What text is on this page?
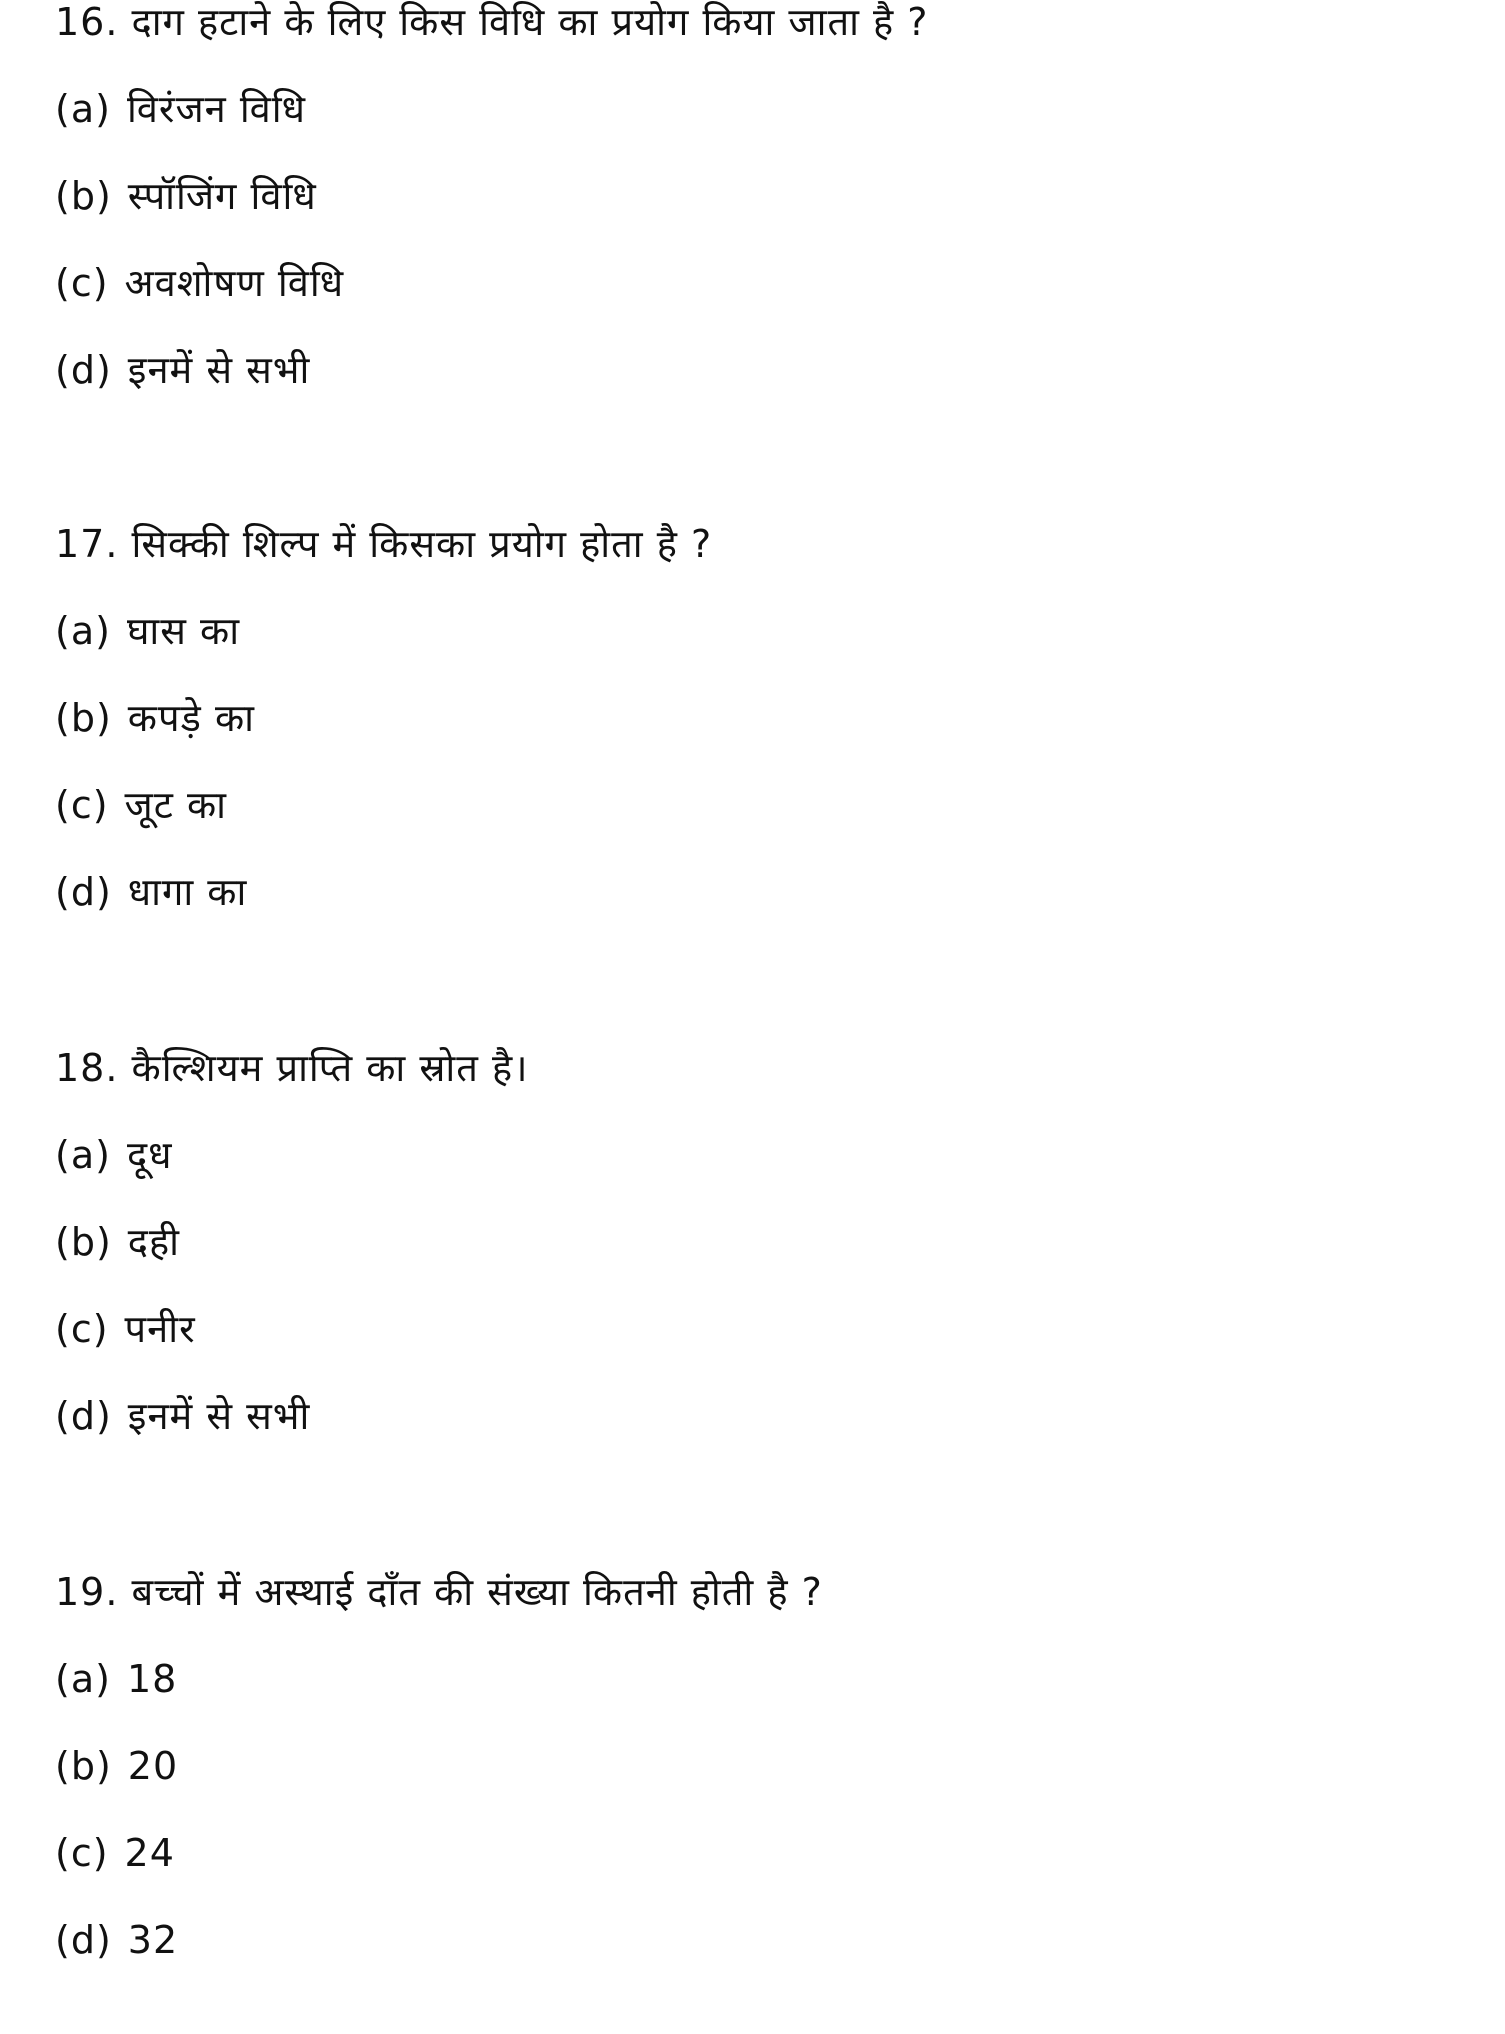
16. दाग हटाने के लिए किस विधि का प्रयोग किया जाता है ?
(a) विरंजन विधि
(b) स्पॉजिंग विधि
(c) अवशोषण विधि
(d) इनमें से सभी
17. सिक्की शिल्प में किसका प्रयोग होता है ?
(a) घास का
(b) कपड़े का
(c) जूट का
(d) धागा का
18. कैल्शियम प्राप्ति का स्रोत है।
(a) दूध
(b) दही
(c) पनीर
(d) इनमें से सभी
19. बच्चों में अस्थाई दाँत की संख्या कितनी होती है ?
(a) 18
(b) 20
(c) 24
(d) 32
